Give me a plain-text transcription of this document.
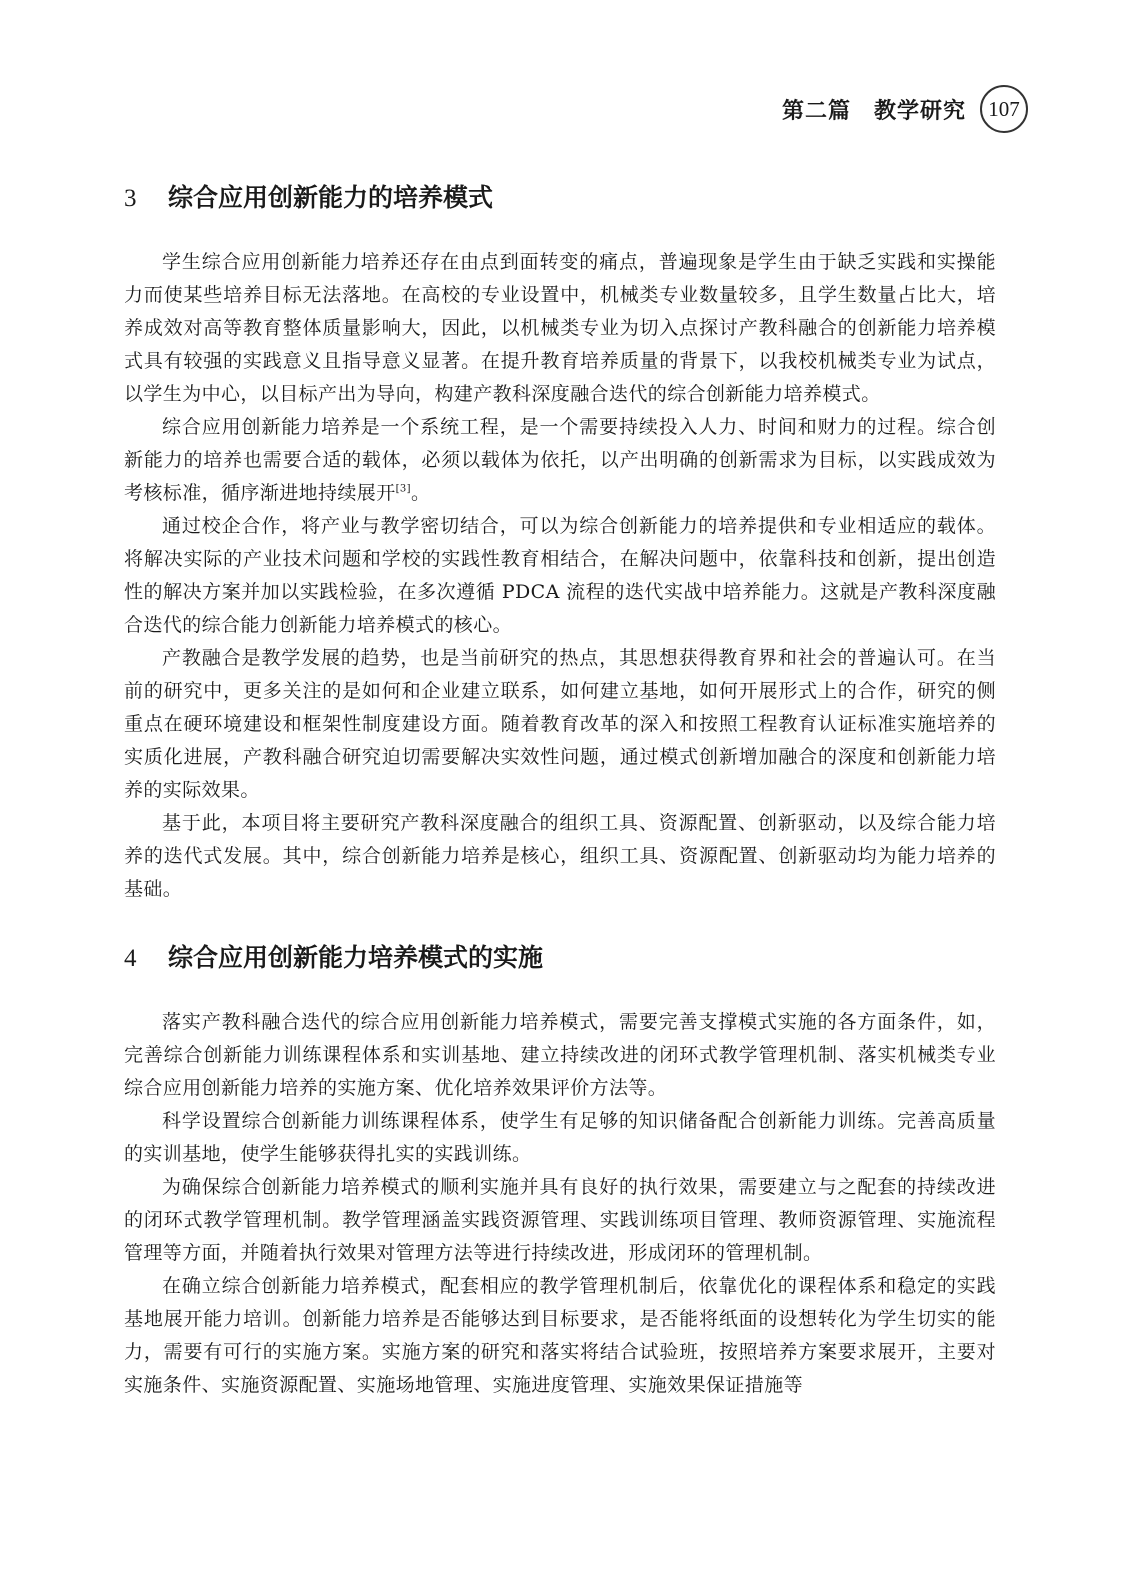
第二篇　教学研究	107
3	综合应用创新能力的培养模式

学生综合应用创新能力培养还存在由点到面转变的痛点，普遍现象是学生由于缺乏实践和实操能力而使某些培养目标无法落地。在高校的专业设置中，机械类专业数量较多，且学生数量占比大，培养成效对高等教育整体质量影响大，因此，以机械类专业为切入点探讨产教科融合的创新能力培养模式具有较强的实践意义且指导意义显著。在提升教育培养质量的背景下，以我校机械类专业为试点，以学生为中心，以目标产出为导向，构建产教科深度融合迭代的综合创新能力培养模式。

综合应用创新能力培养是一个系统工程，是一个需要持续投入人力、时间和财力的过程。综合创新能力的培养也需要合适的载体，必须以载体为依托，以产出明确的创新需求为目标，以实践成效为考核标准，循序渐进地持续展开[3]。

通过校企合作，将产业与教学密切结合，可以为综合创新能力的培养提供和专业相适应的载体。将解决实际的产业技术问题和学校的实践性教育相结合，在解决问题中，依靠科技和创新，提出创造性的解决方案并加以实践检验，在多次遵循 PDCA 流程的迭代实战中培养能力。这就是产教科深度融合迭代的综合能力创新能力培养模式的核心。

产教融合是教学发展的趋势，也是当前研究的热点，其思想获得教育界和社会的普遍认可。在当前的研究中，更多关注的是如何和企业建立联系，如何建立基地，如何开展形式上的合作，研究的侧重点在硬环境建设和框架性制度建设方面。随着教育改革的深入和按照工程教育认证标准实施培养的实质化进展，产教科融合研究迫切需要解决实效性问题，通过模式创新增加融合的深度和创新能力培养的实际效果。

基于此，本项目将主要研究产教科深度融合的组织工具、资源配置、创新驱动，以及综合能力培养的迭代式发展。其中，综合创新能力培养是核心，组织工具、资源配置、创新驱动均为能力培养的基础。

4	综合应用创新能力培养模式的实施

落实产教科融合迭代的综合应用创新能力培养模式，需要完善支撑模式实施的各方面条件，如，完善综合创新能力训练课程体系和实训基地、建立持续改进的闭环式教学管理机制、落实机械类专业综合应用创新能力培养的实施方案、优化培养效果评价方法等。

科学设置综合创新能力训练课程体系，使学生有足够的知识储备配合创新能力训练。完善高质量的实训基地，使学生能够获得扎实的实践训练。

为确保综合创新能力培养模式的顺利实施并具有良好的执行效果，需要建立与之配套的持续改进的闭环式教学管理机制。教学管理涵盖实践资源管理、实践训练项目管理、教师资源管理、实施流程管理等方面，并随着执行效果对管理方法等进行持续改进，形成闭环的管理机制。

在确立综合创新能力培养模式，配套相应的教学管理机制后，依靠优化的课程体系和稳定的实践基地展开能力培训。创新能力培养是否能够达到目标要求，是否能将纸面的设想转化为学生切实的能力，需要有可行的实施方案。实施方案的研究和落实将结合试验班，按照培养方案要求展开，主要对实施条件、实施资源配置、实施场地管理、实施进度管理、实施效果保证措施等
